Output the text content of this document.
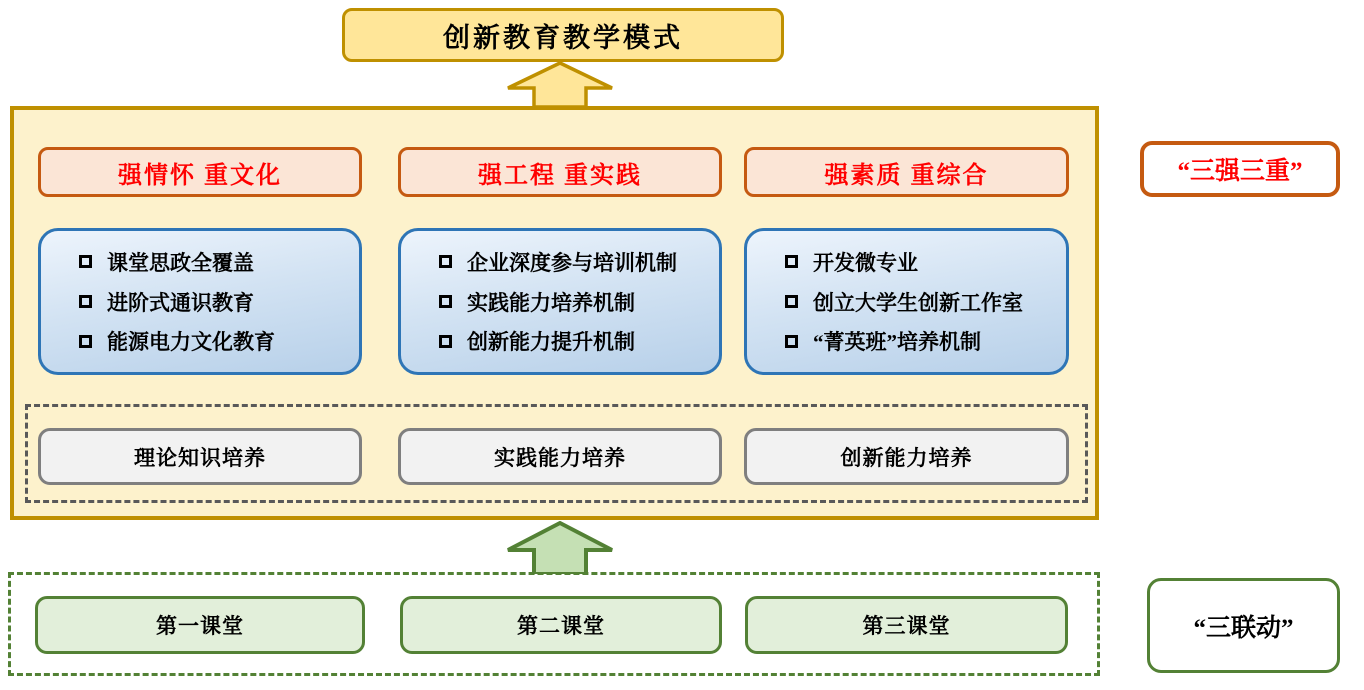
创新教育教学模式
强情怀 重文化	强工程 重实践	强素质 重综合
课堂思政全覆盖
进阶式通识教育
能源电力文化教育
企业深度参与培训机制
实践能力培养机制
创新能力提升机制
开发微专业
创立大学生创新工作室
“菁英班”培养机制
理论知识培养	实践能力培养	创新能力培养
第一课堂	第二课堂	第三课堂
“三强三重”
“三联动”
